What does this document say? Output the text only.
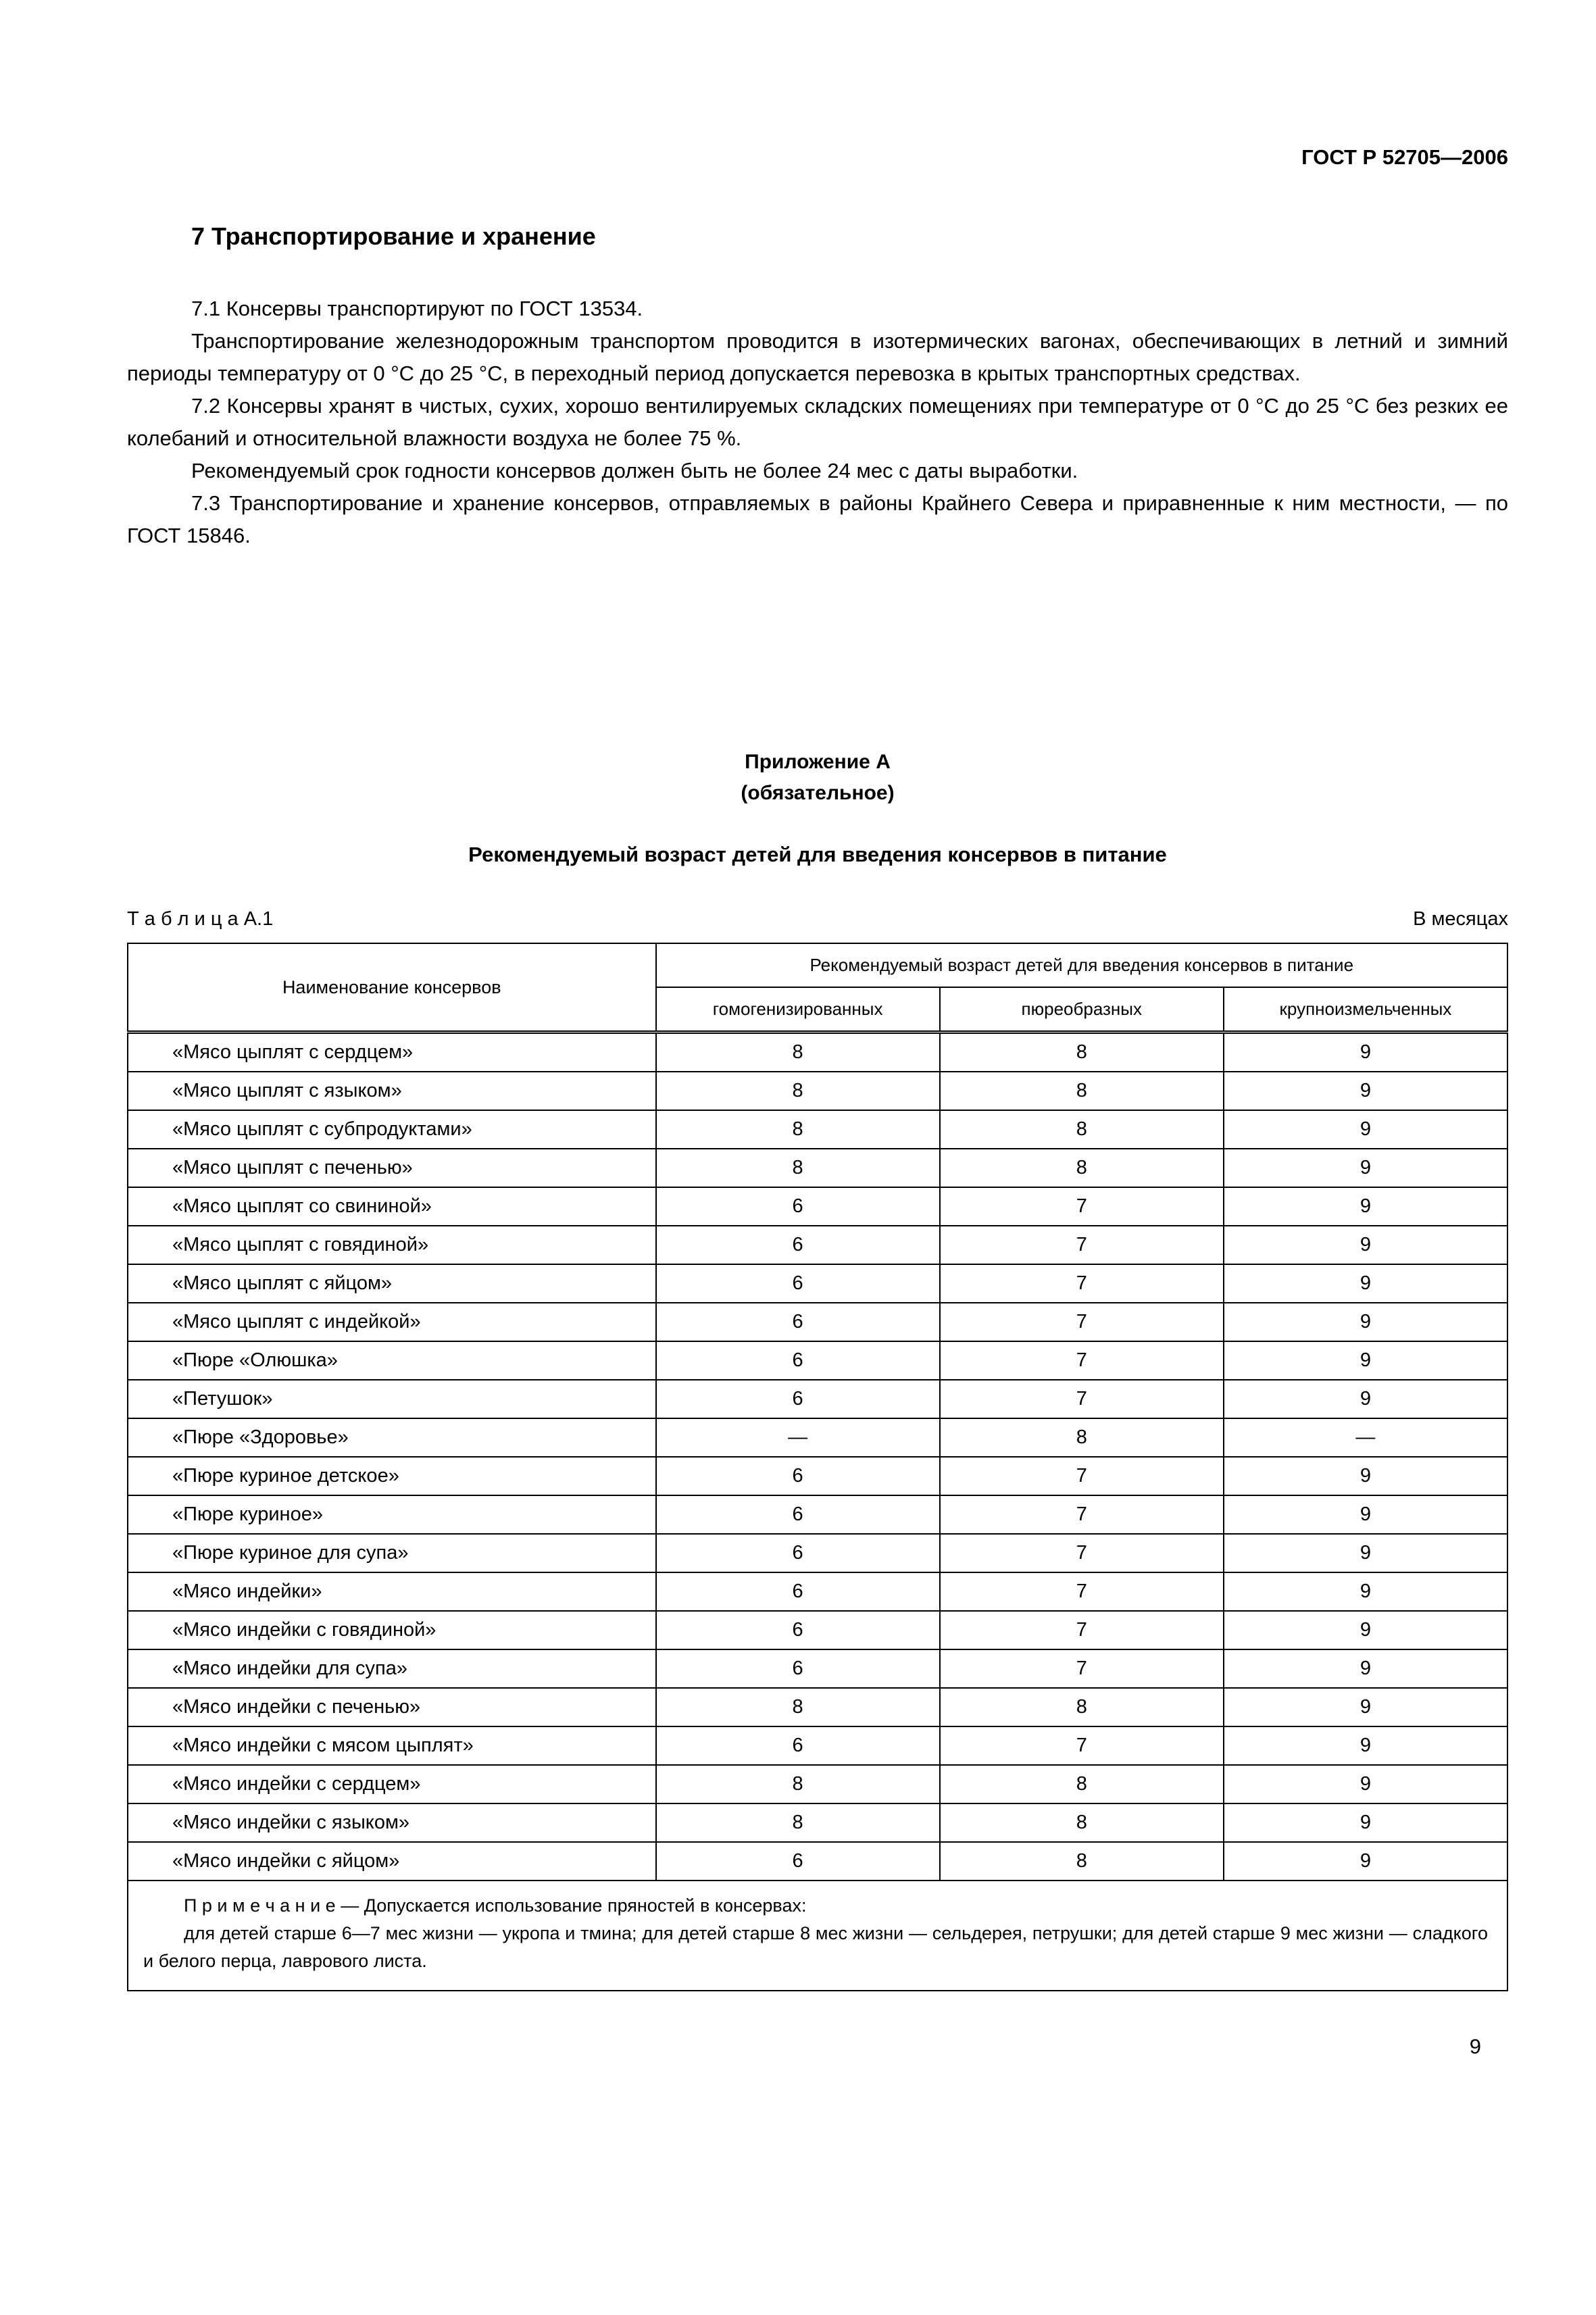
ГОСТ Р 52705—2006
7 Транспортирование и хранение

7.1 Консервы транспортируют по ГОСТ 13534.

Транспортирование железнодорожным транспортом проводится в изотермических вагонах, обеспечивающих в летний и зимний периоды температуру от 0 °С до 25 °С, в переходный период допускается перевозка в крытых транспортных средствах.

7.2 Консервы хранят в чистых, сухих, хорошо вентилируемых складских помещениях при температуре от 0 °С до 25 °С без резких ее колебаний и относительной влажности воздуха не более 75 %.

Рекомендуемый срок годности консервов должен быть не более 24 мес с даты выработки.

7.3 Транспортирование и хранение консервов, отправляемых в районы Крайнего Севера и приравненные к ним местности, — по ГОСТ 15846.

Приложение А
(обязательное)
Рекомендуемый возраст детей для введения консервов в питание
Т а б л и ц а А.1	В месяцах
Наименование консервов	Рекомендуемый возраст детей для введения консервов в питание		
	гомогенизированных	пюреобразных	крупноизмельченных
«Мясо цыплят с сердцем»	8	8	9
«Мясо цыплят с языком»	8	8	9
«Мясо цыплят с субпродуктами»	8	8	9
«Мясо цыплят с печенью»	8	8	9
«Мясо цыплят со свининой»	6	7	9
«Мясо цыплят с говядиной»	6	7	9
«Мясо цыплят с яйцом»	6	7	9
«Мясо цыплят с индейкой»	6	7	9
«Пюре «Олюшка»	6	7	9
«Петушок»	6	7	9
«Пюре «Здоровье»	—	8	—
«Пюре куриное детское»	6	7	9
«Пюре куриное»	6	7	9
«Пюре куриное для супа»	6	7	9
«Мясо индейки»	6	7	9
«Мясо индейки с говядиной»	6	7	9
«Мясо индейки для супа»	6	7	9
«Мясо индейки с печенью»	8	8	9
«Мясо индейки с мясом цыплят»	6	7	9
«Мясо индейки с сердцем»	8	8	9
«Мясо индейки с языком»	8	8	9
«Мясо индейки с яйцом»	6	8	9

П р и м е ч а н и е — Допускается использование пряностей в консервах:

для детей старше 6—7 мес жизни — укропа и тмина; для детей старше 8 мес жизни — сельдерея, петрушки; для детей старше 9 мес жизни — сладкого и белого перца, лаврового листа.			

9
